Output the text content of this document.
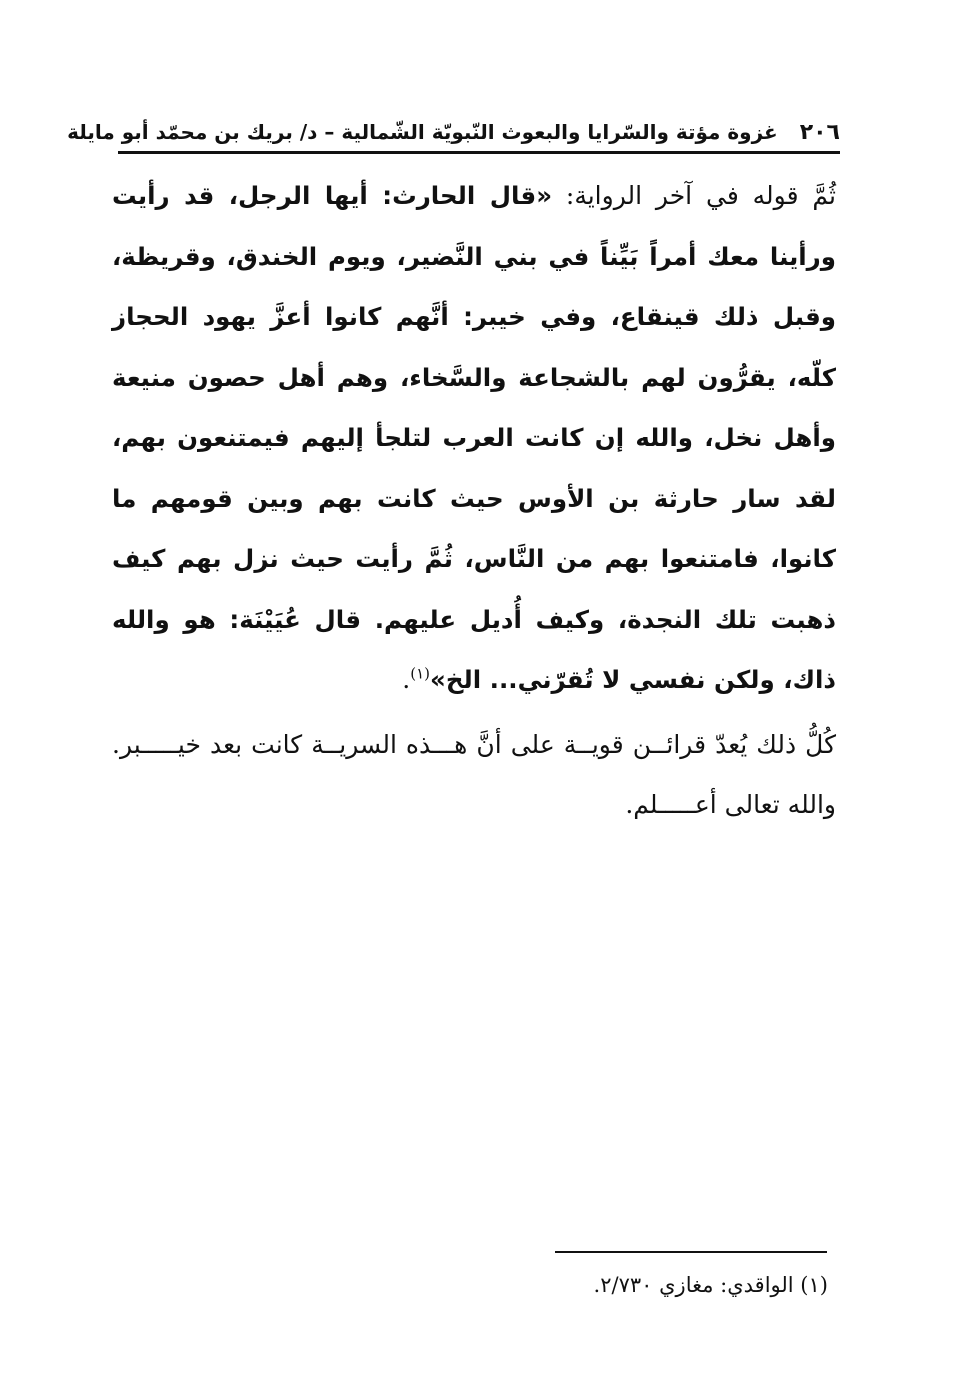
٢٠٦
غزوة مؤتة والسّرايا والبعوث النّبويّة الشّمالية – د/ بريك بن محمّد أبو مايلة

ثُمَّ قوله في آخر الرواية: «قال الحارث: أيها الرجل، قد رأيت ورأينا معك أمراً بَيِّناً في بني النَّضير، ويوم الخندق، وقريظة، وقبل ذلك قينقاع، وفي خيبر: أنَّهم كانوا أعزَّ يهود الحجاز كلّه، يقرُّون لهم بالشجاعة والسَّخاء، وهم أهل حصون منيعة وأهل نخل، والله إن كانت العرب لتلجأ إليهم فيمتنعون بهم، لقد سار حارثة بن الأوس حيث كانت بهم وبين قومهم ما كانوا، فامتنعوا بهم من النَّاس، ثُمَّ رأيت حيث نزل بهم كيف ذهبت تلك النجدة، وكيف أُديل عليهم. قال عُيَيْنَة: هو والله ذاك، ولكن نفسي لا تُقرّني... الخ»$^{(١)}$.

كُلُّ ذلك يُعدّ قرائــن قويــة على أنَّ هـــذه السريــة كانت بعد خيـــــبر. والله تعالى أعـــــلم.

(١) الواقدي: مغازي ٢/٧٣٠.
